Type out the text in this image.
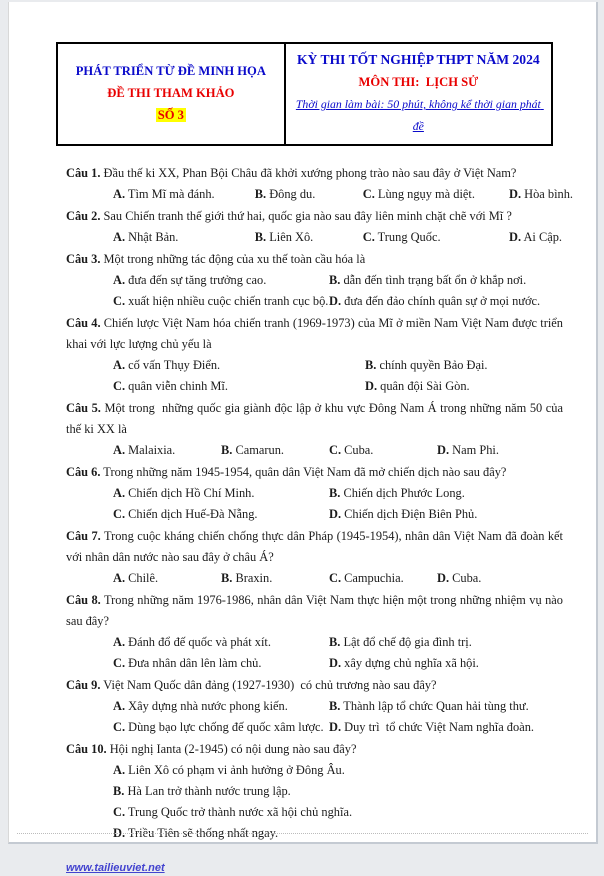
PHÁT TRIỂN TỪ ĐỀ MINH HỌA
ĐỀ THI THAM KHẢO
SỐ 3

KỲ THI TỐT NGHIỆP THPT NĂM 2024
MÔN THI:  LỊCH SỬ
Thời gian làm bài: 50 phút, không kể thời gian phát đề

Câu 1. Đầu thế ki XX, Phan Bội Châu đã khởi xướng phong trào nào sau đây ở Việt Nam?

A. Tìm Mĩ mà đánh.	B. Đông du.	C. Lùng ngụy mà diệt.	D. Hòa bình.

Câu 2. Sau Chiến tranh thế giới thứ hai, quốc gia nào sau đây liên minh chặt chẽ với Mĩ ?

A. Nhật Bản.	B. Liên Xô.	C. Trung Quốc.	D. Ai Cập.

Câu 3. Một trong những tác động của xu thế toàn cầu hóa là

A. đưa đến sự tăng trưởng cao.	B. dẫn đến tình trạng bất ổn ở khắp nơi.
C. xuất hiện nhiều cuộc chiến tranh cục bộ. D. đưa đến đảo chính quân sự ở mọi nước.

Câu 4. Chiến lược Việt Nam hóa chiến tranh (1969-1973) của Mĩ ở miền Nam Việt Nam được triển khai với lực lượng chủ yếu là

A. cố vấn Thụy Điển.	B. chính quyền Bảo Đại.
C. quân viễn chinh Mĩ.	D. quân đội Sài Gòn.

Câu 5. Một trong  những quốc gia giành độc lập ở khu vực Đông Nam Á trong những năm 50 của thế ki XX là

A. Malaixia.	B. Camarun.	C. Cuba.	D. Nam Phi.

Câu 6. Trong những năm 1945-1954, quân dân Việt Nam đã mở chiến dịch nào sau đây?

A. Chiến dịch Hồ Chí Minh.	B. Chiến dịch Phước Long.
C. Chiến dịch Huế-Đà Nẵng.	D. Chiến dịch Điện Biên Phủ.

Câu 7. Trong cuộc kháng chiến chống thực dân Pháp (1945-1954), nhân dân Việt Nam đã đoàn kết với nhân dân nước nào sau đây ở châu Á?

A. Chilê.	B. Braxin.	C. Campuchia.	D. Cuba.

Câu 8. Trong những năm 1976-1986, nhân dân Việt Nam thực hiện một trong những nhiệm vụ nào sau đây?

A. Đánh đổ đế quốc và phát xít.	B. Lật đổ chế độ gia đình trị.
C. Đưa nhân dân lên làm chủ.	D. xây dựng chủ nghĩa xã hội.

Câu 9. Việt Nam Quốc dân đảng (1927-1930)  có chủ trương nào sau đây?

A. Xây dựng nhà nước phong kiến.	B. Thành lập tổ chức Quan hải tùng thư.
C. Dùng bạo lực chống đế quốc xâm lược. D. Duy trì  tổ chức Việt Nam nghĩa đoàn.

Câu 10. Hội nghị Ianta (2-1945) có nội dung nào sau đây?

A. Liên Xô có phạm vi ảnh hưởng ở Đông Âu.
B. Hà Lan trở thành nước trung lập.
C. Trung Quốc trở thành nước xã hội chủ nghĩa.
D. Triều Tiên sẽ thống nhất ngay.
www.tailieuviet.net
